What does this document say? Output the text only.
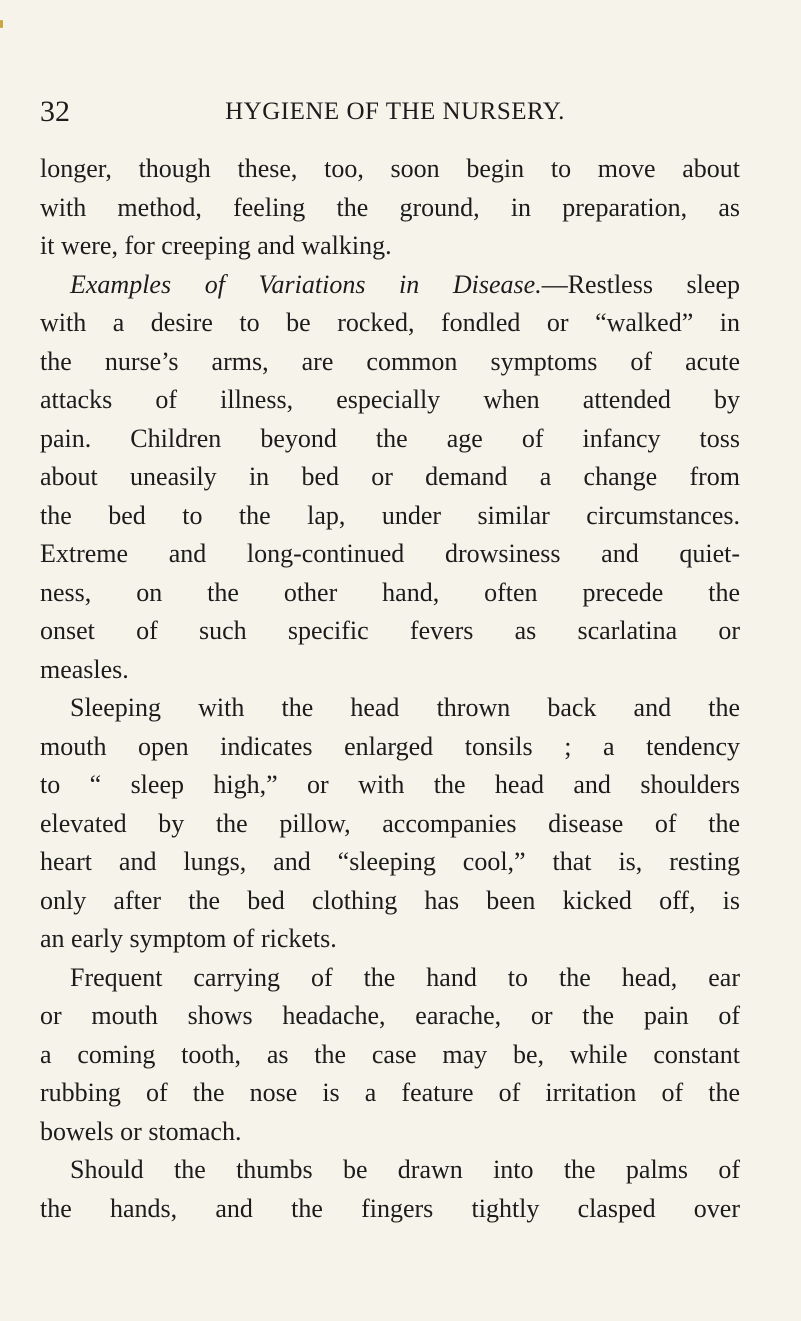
32	HYGIENE OF THE NURSERY.
longer, though these, too, soon begin to move about
with method, feeling the ground, in preparation, as
it were, for creeping and walking.
Examples of Variations in Disease.—Restless sleep
with a desire to be rocked, fondled or “walked” in
the nurse’s arms, are common symptoms of acute
attacks of illness, especially when attended by
pain. Children beyond the age of infancy toss
about uneasily in bed or demand a change from
the bed to the lap, under similar circumstances.
Extreme and long-continued drowsiness and quiet-
ness, on the other hand, often precede the
onset of such specific fevers as scarlatina or
measles.
Sleeping with the head thrown back and the
mouth open indicates enlarged tonsils ; a tendency
to “ sleep high,” or with the head and shoulders
elevated by the pillow, accompanies disease of the
heart and lungs, and “sleeping cool,” that is, resting
only after the bed clothing has been kicked off, is
an early symptom of rickets.
Frequent carrying of the hand to the head, ear
or mouth shows headache, earache, or the pain of
a coming tooth, as the case may be, while constant
rubbing of the nose is a feature of irritation of the
bowels or stomach.
Should the thumbs be drawn into the palms of
the hands, and the fingers tightly clasped over
